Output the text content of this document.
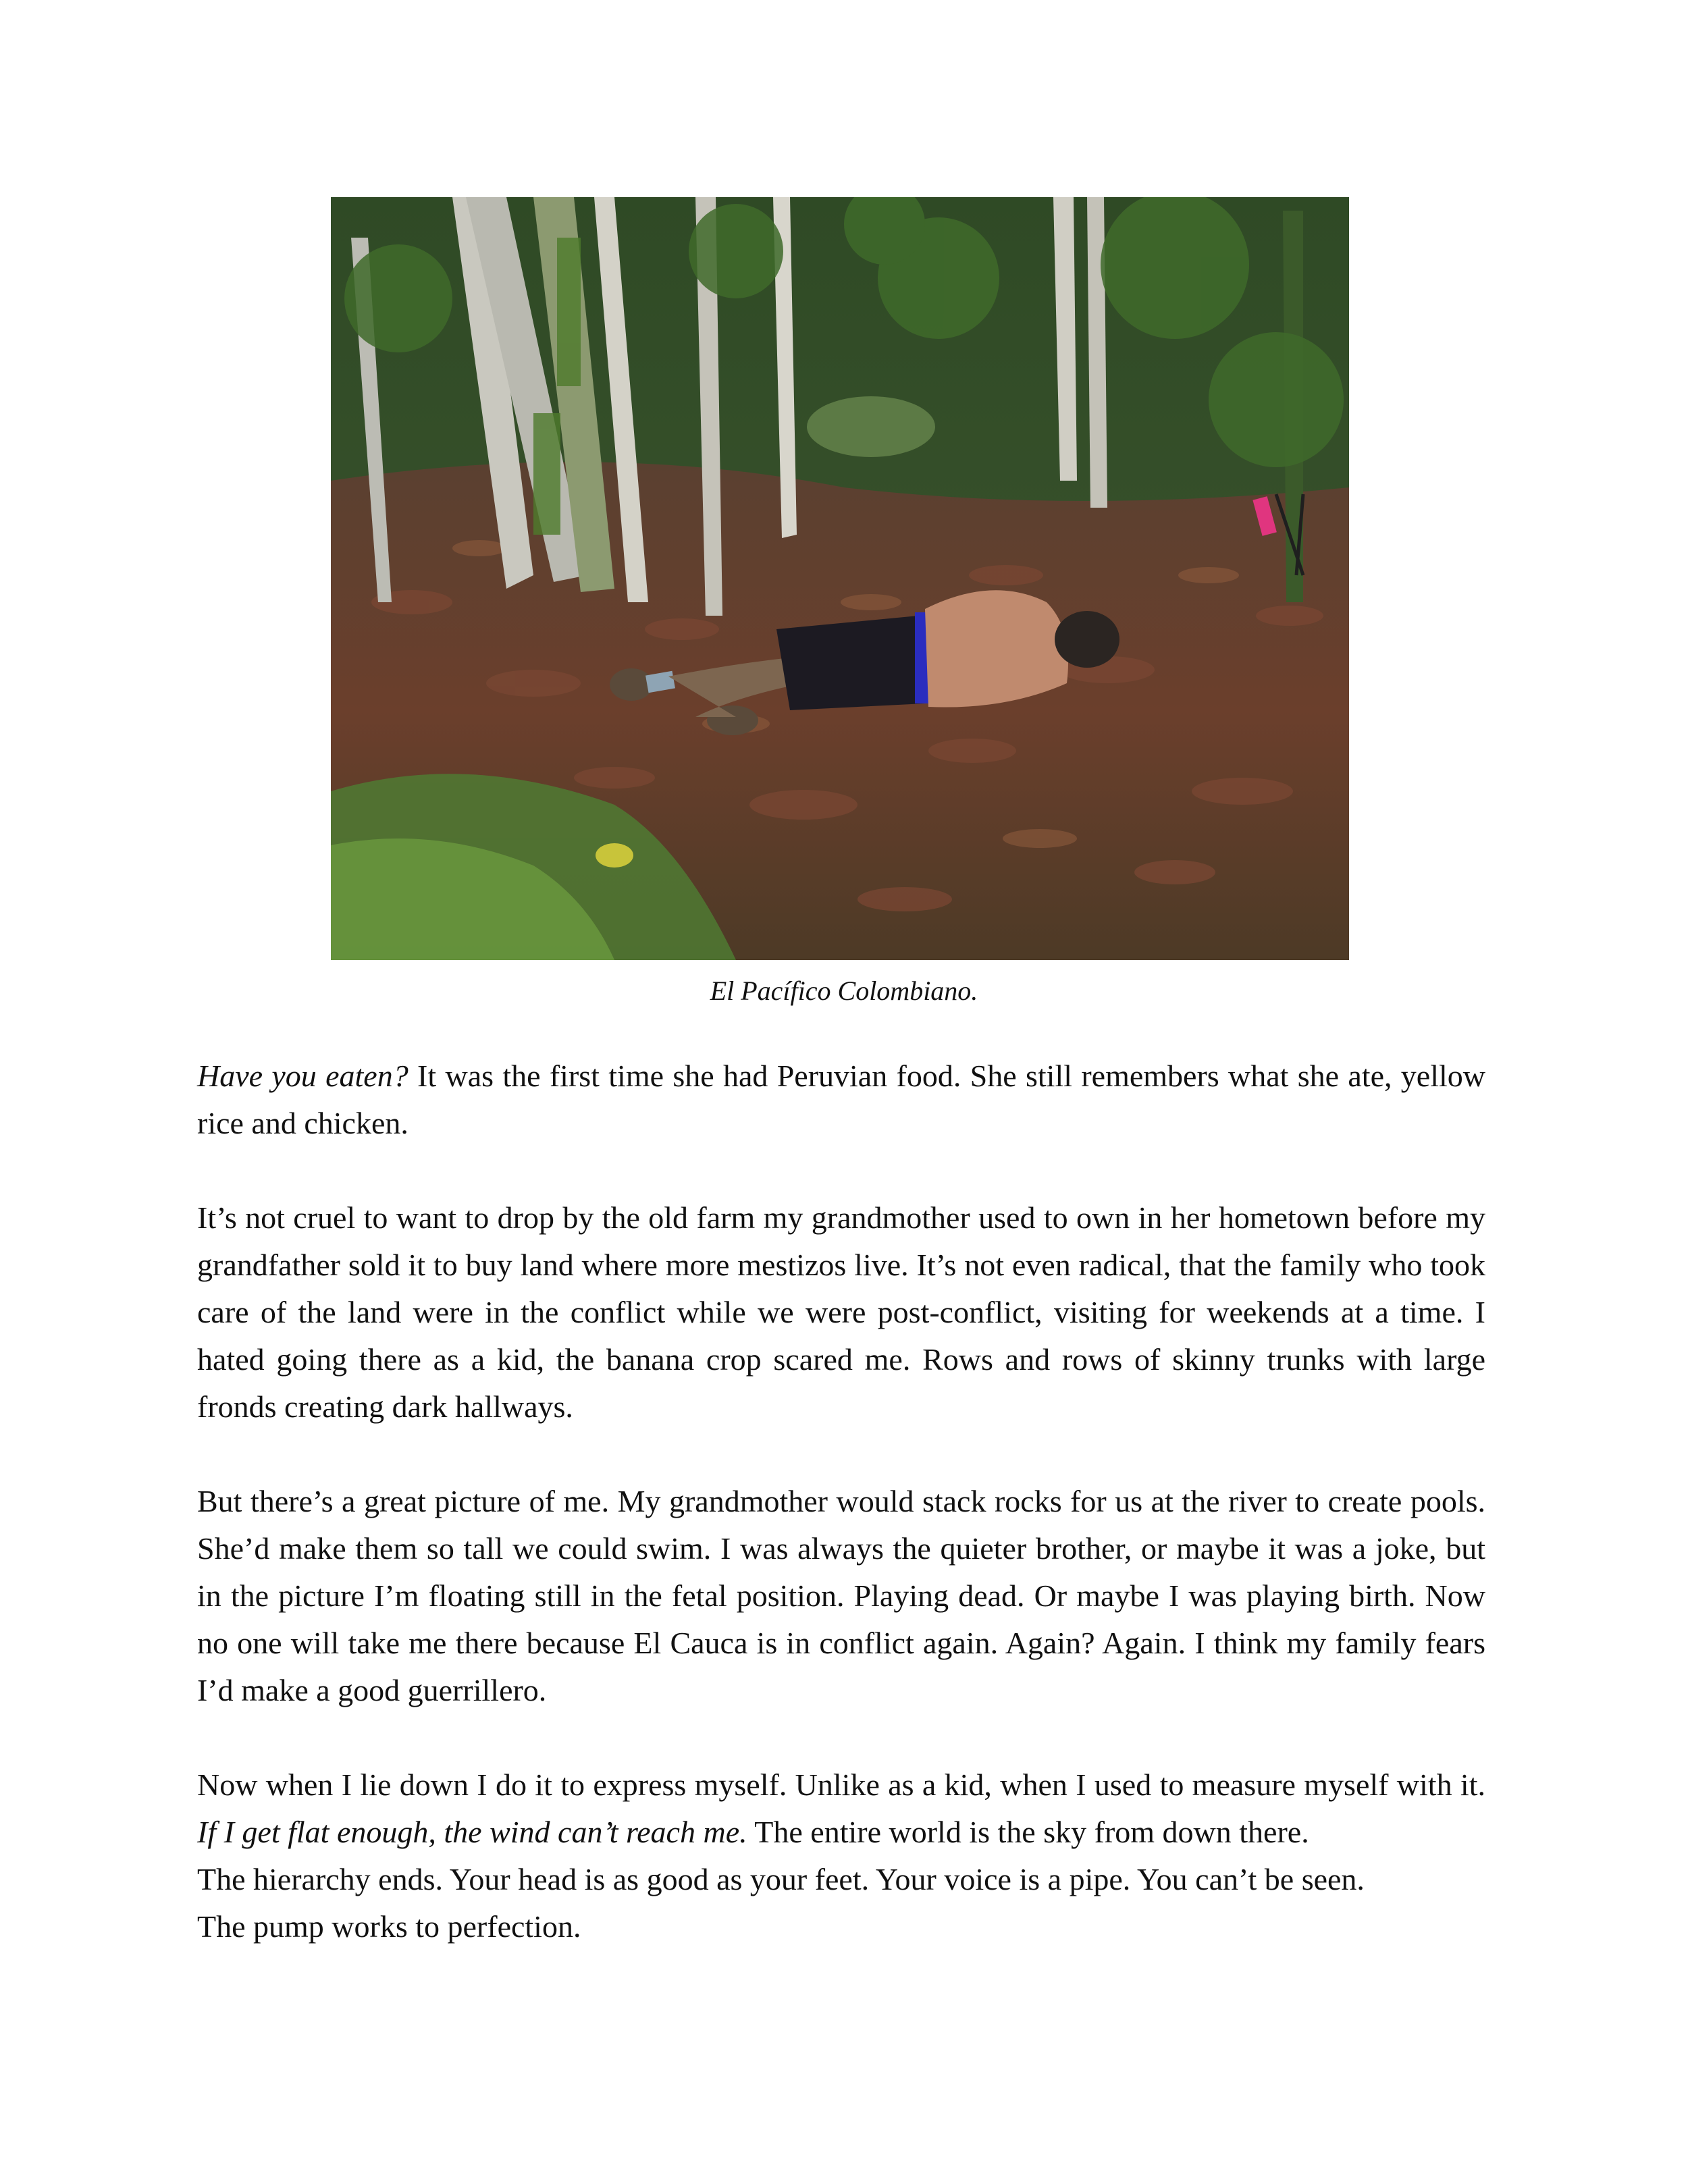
El Pacífico Colombiano.

Have you eaten? It was the first time she had Peruvian food. She still remembers what she ate, yellow rice and chicken.

It’s not cruel to want to drop by the old farm my grandmother used to own in her hometown before my grandfather sold it to buy land where more mestizos live. It’s not even radical, that the family who took care of the land were in the conflict while we were post-conflict, visiting for weekends at a time. I hated going there as a kid, the banana crop scared me. Rows and rows of skinny trunks with large fronds creating dark hallways.

But there’s a great picture of me. My grandmother would stack rocks for us at the river to create pools. She’d make them so tall we could swim. I was always the quieter brother, or maybe it was a joke, but in the picture I’m floating still in the fetal position. Playing dead. Or maybe I was playing birth. Now no one will take me there because El Cauca is in conflict again. Again? Again. I think my family fears I’d make a good guerrillero.

Now when I lie down I do it to express myself. Unlike as a kid, when I used to measure myself with it. If I get flat enough, the wind can’t reach me. The entire world is the sky from down there.

The hierarchy ends. Your head is as good as your feet. Your voice is a pipe. You can’t be seen.
The pump works to perfection.
